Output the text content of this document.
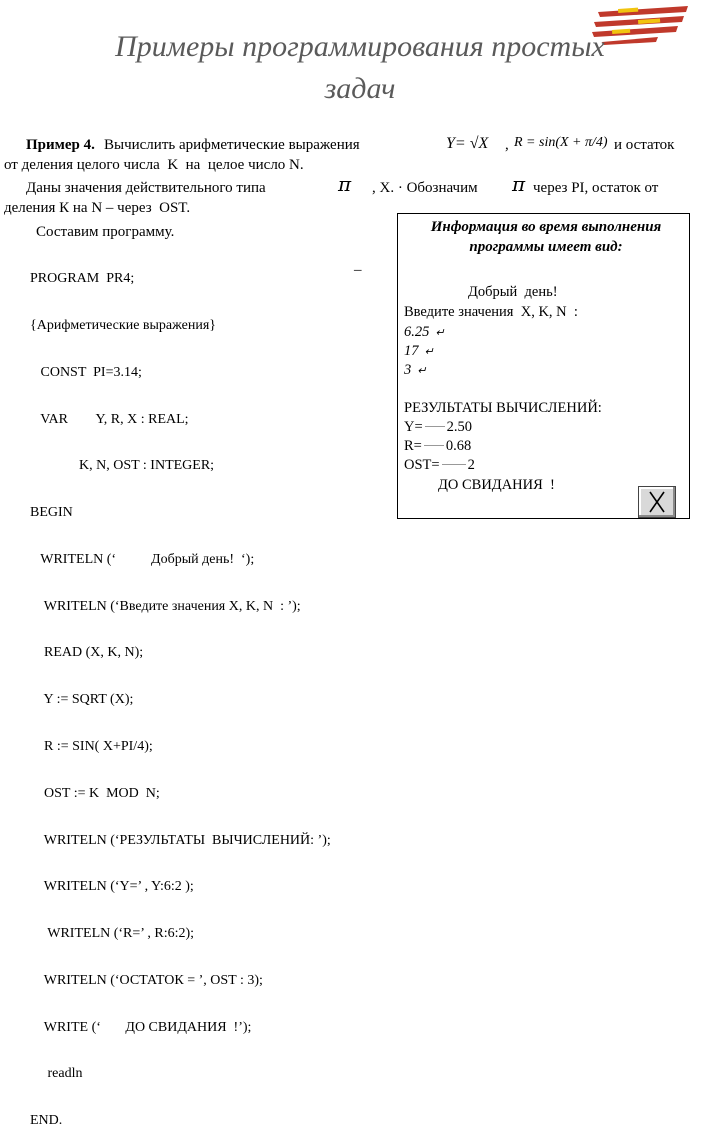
Примеры программирования простых
задач
Пример 4. Вычислить арифметические выражения	Y= √X , R = sin(X + π/4) и остаток
от деления целого числа  K  на  целое число N.
Даны значения действительного типа	π , X. · Обозначим π через PI, остаток от
деления К на N – через  OST.
Составим программу.

PROGRAM  PR4;

{Арифметические выражения}

CONST  PI=3.14;

VAR        Y, R, X : REAL;

K, N, OST : INTEGER;

BEGIN

WRITELN (‘          Добрый день!  ‘);

WRITELN (‘Введите значения X, K, N  : ’);

READ (X, K, N);

Y := SQRT (X);

R := SIN( X+PI/4);

OST := K  MOD  N;

WRITELN (‘РЕЗУЛЬТАТЫ  ВЫЧИСЛЕНИЙ: ’);

WRITELN (‘Y=’ , Y:6:2 );

WRITELN (‘R=’ , R:6:2);

WRITELN (‘ОСТАТОК = ’, OST : 3);

WRITE (‘       ДО СВИДАНИЯ  !’);

readln

END.

–
Информация во время выполнения программы имеет вид:
Добрый  день!
Введите значения  X, K, N  :
6.25 ↵
17 ↵
3 ↵
РЕЗУЛЬТАТЫ ВЫЧИСЛЕНИЙ:
Y= 2.50
R= 0.68
OST= 2
ДО СВИДАНИЯ  !
